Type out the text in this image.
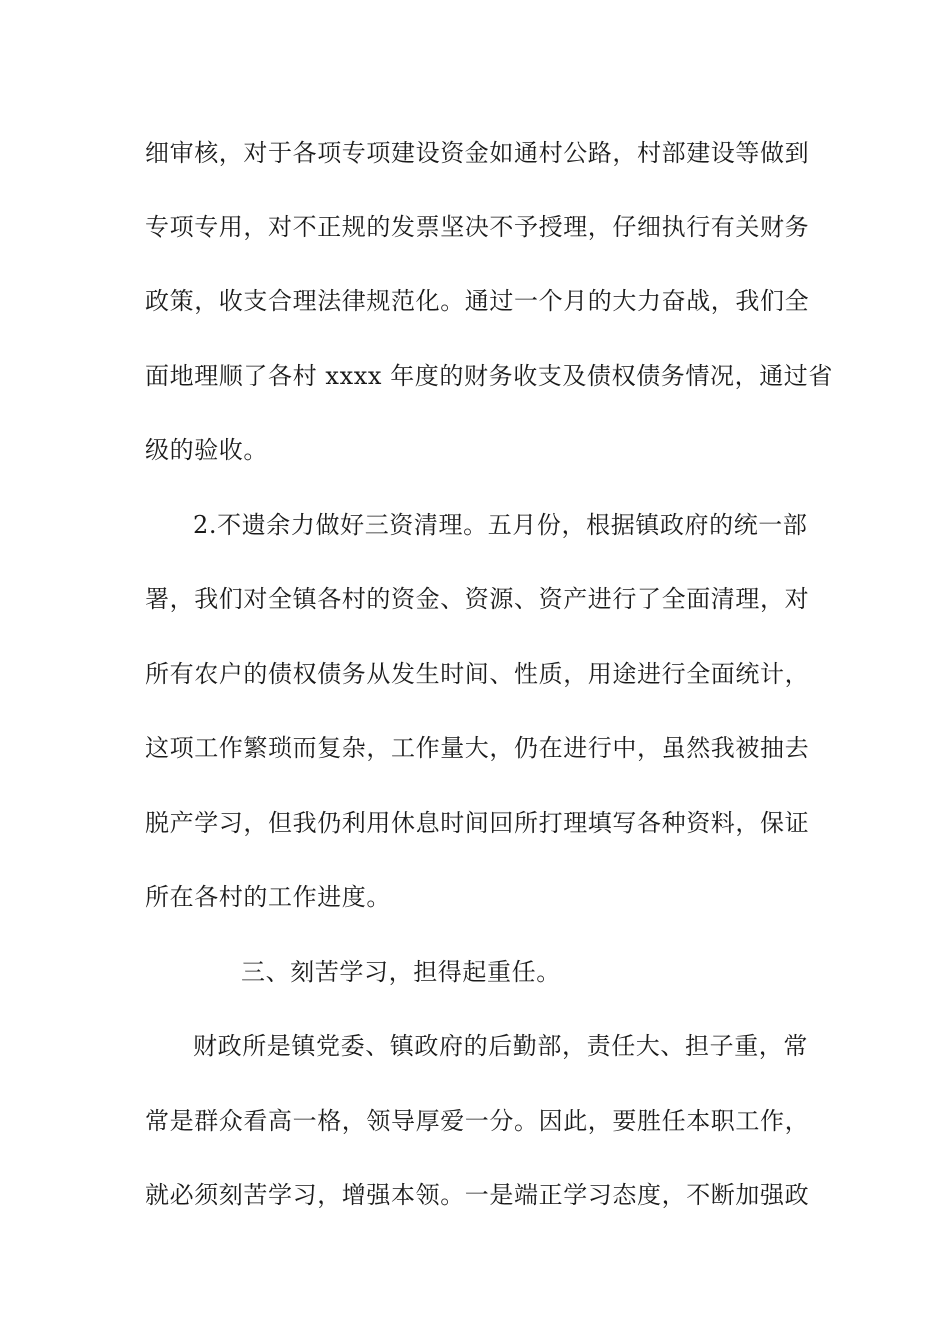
细审核，对于各项专项建设资金如通村公路，村部建设等做到
专项专用，对不正规的发票坚决不予授理，仔细执行有关财务
政策，收支合理法律规范化。通过一个月的大力奋战，我们全
面地理顺了各村 xxxx 年度的财务收支及债权债务情况，通过省
级的验收。
2.不遗余力做好三资清理。五月份，根据镇政府的统一部
署，我们对全镇各村的资金、资源、资产进行了全面清理，对
所有农户的债权债务从发生时间、性质，用途进行全面统计，
这项工作繁琐而复杂，工作量大，仍在进行中，虽然我被抽去
脱产学习，但我仍利用休息时间回所打理填写各种资料，保证
所在各村的工作进度。
三、刻苦学习，担得起重任。
财政所是镇党委、镇政府的后勤部，责任大、担子重，常
常是群众看高一格，领导厚爱一分。因此，要胜任本职工作，
就必须刻苦学习，增强本领。一是端正学习态度，不断加强政
